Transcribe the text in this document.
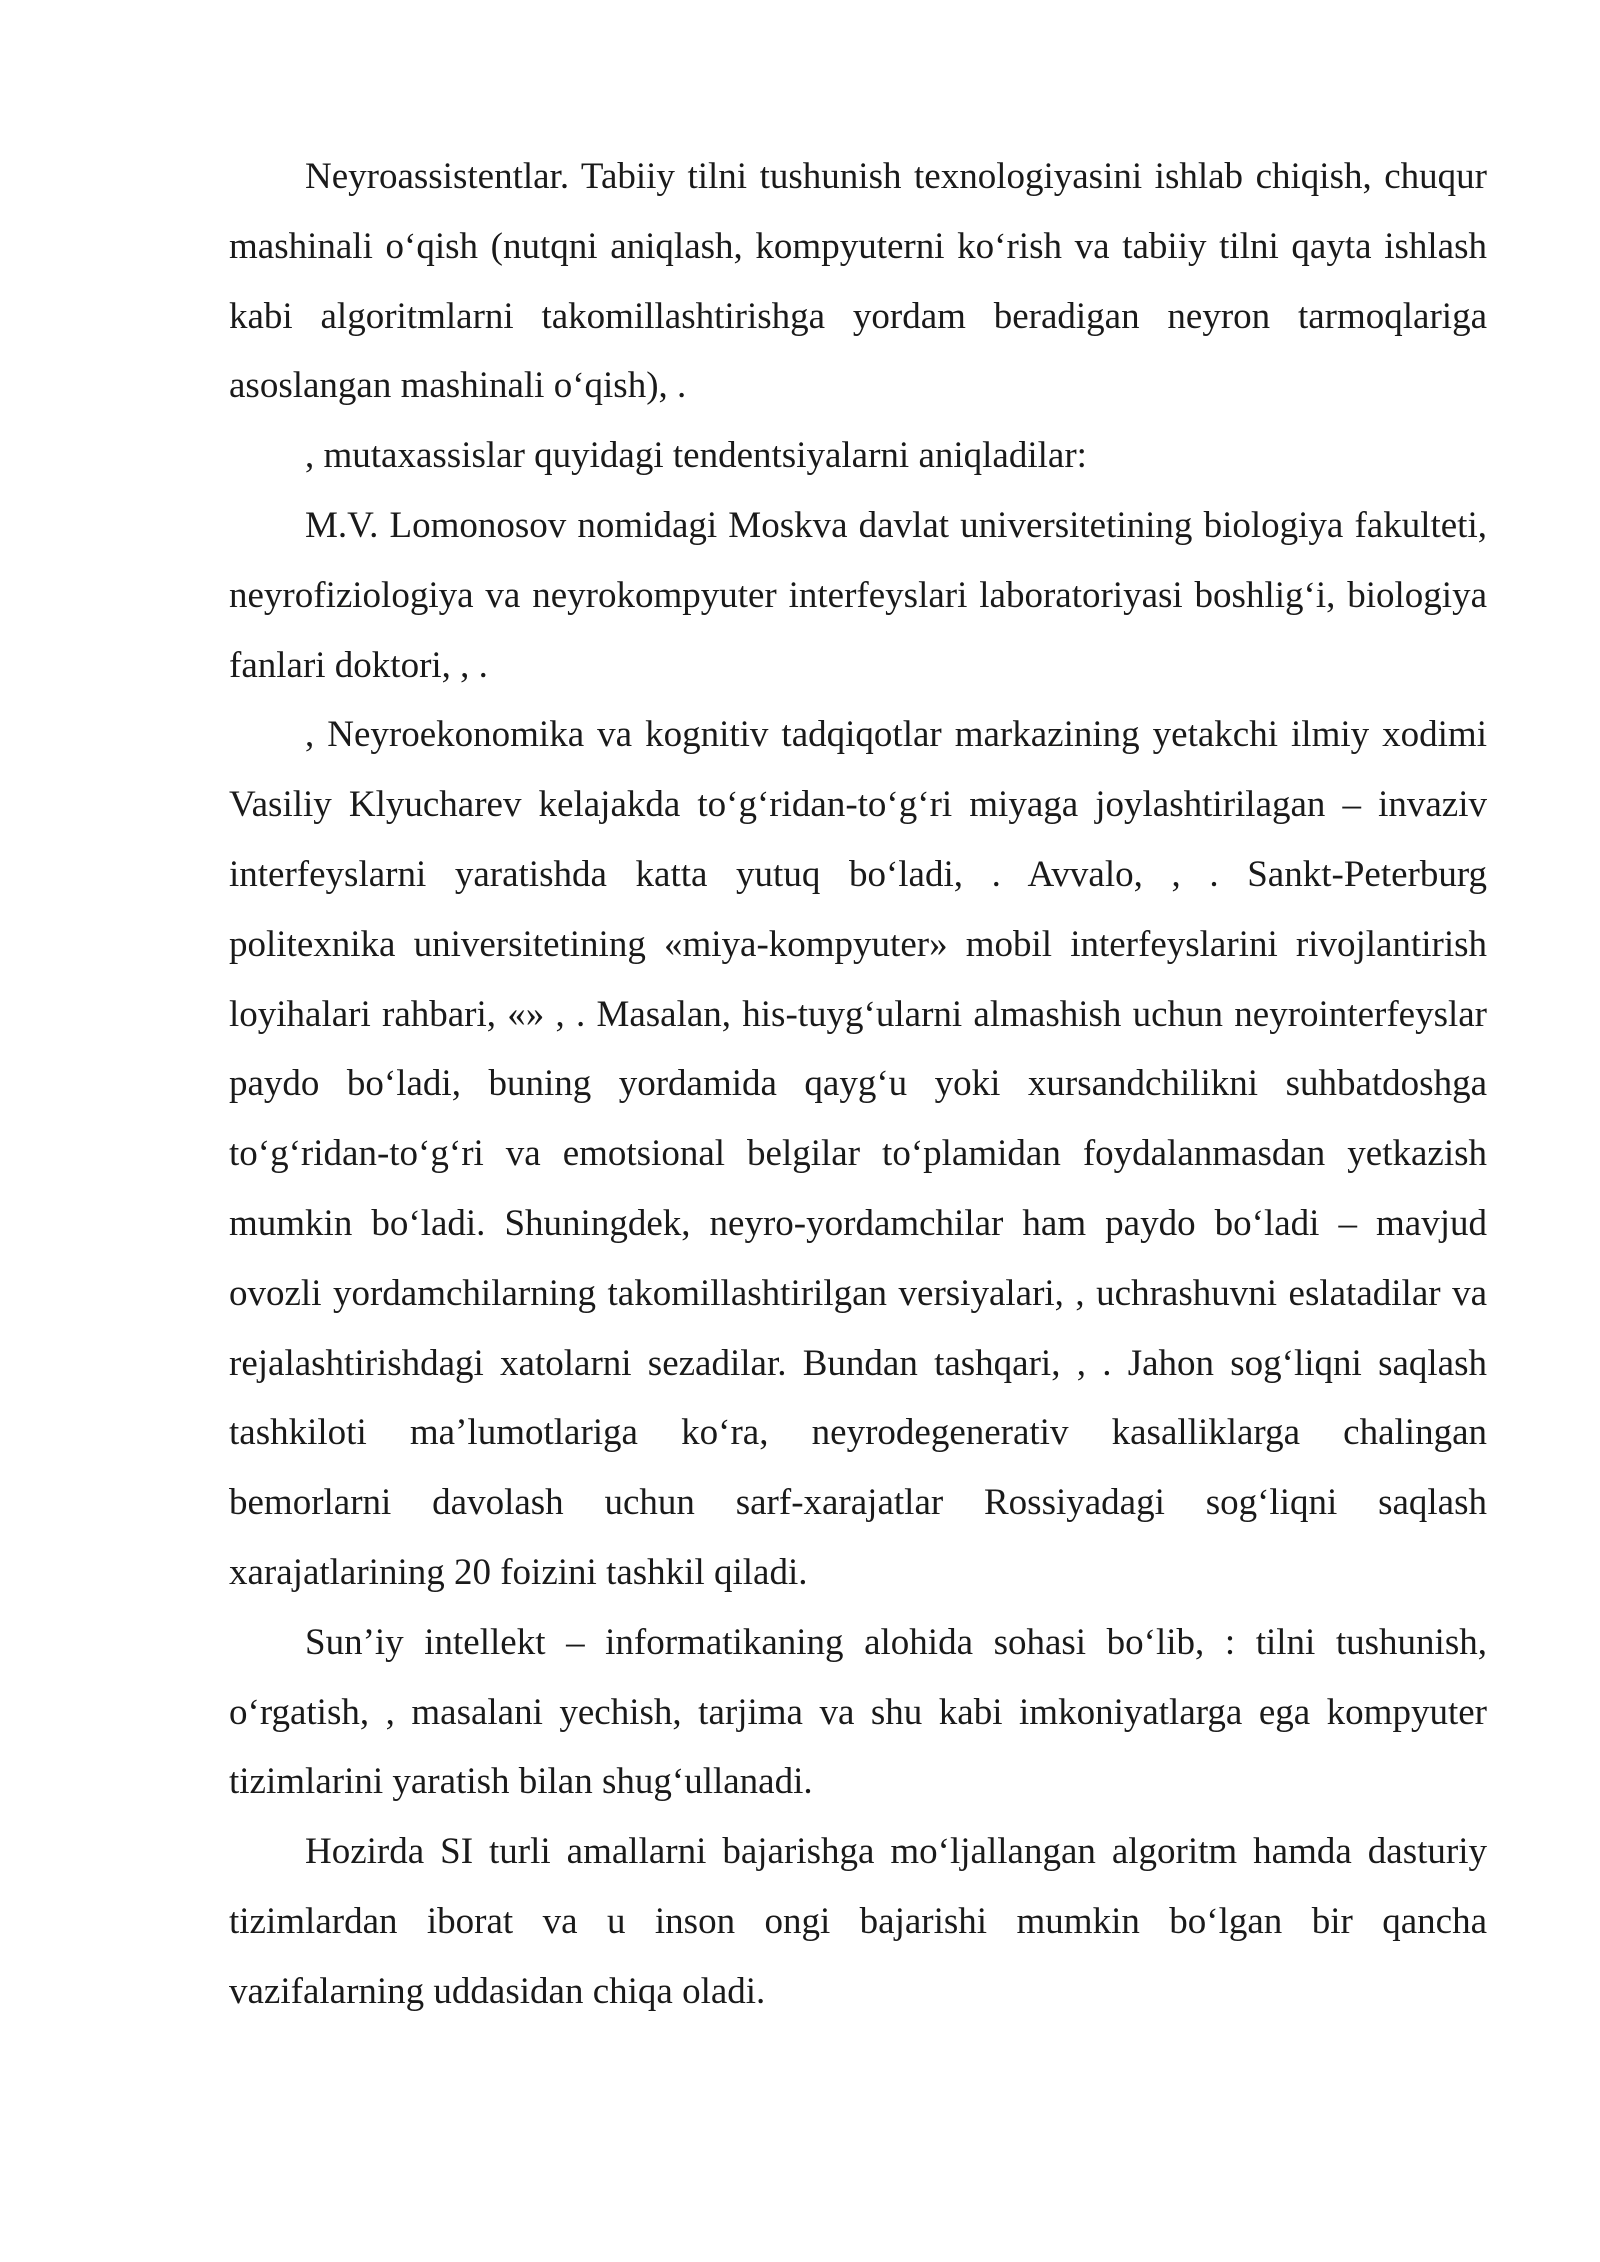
Neyroassistentlar. Tabiiy tilni tushunish texnologiyasini ishlab chiqish, chuqur mashinali o‘qish (nutqni aniqlash, kompyuterni ko‘rish va tabiiy tilni qayta ishlash kabi algoritmlarni takomillashtirishga yordam beradigan neyron tarmoqlariga asoslangan mashinali o‘qish), .

, mutaxassislar quyidagi tendentsiyalarni aniqladilar:

M.V. Lomonosov nomidagi Moskva davlat universitetining biologiya fakulteti, neyrofiziologiya va neyrokompyuter interfeyslari laboratoriyasi boshlig‘i, biologiya fanlari doktori, , .

, Neyroekonomika va kognitiv tadqiqotlar markazining yetakchi ilmiy xodimi Vasiliy Klyucharev kelajakda to‘g‘ridan-to‘g‘ri miyaga joylashtirilagan – invaziv interfeyslarni yaratishda katta yutuq bo‘ladi, . Avvalo, , . Sankt-Peterburg politexnika universitetining «miya-kompyuter» mobil interfeyslarini rivojlantirish loyihalari rahbari, «» , . Masalan, his-tuyg‘ularni almashish uchun neyrointerfeyslar paydo bo‘ladi, buning yordamida qayg‘u yoki xursandchilikni suhbatdoshga to‘g‘ridan-to‘g‘ri va emotsional belgilar to‘plamidan foydalanmasdan yetkazish mumkin bo‘ladi. Shuningdek, neyro-yordamchilar ham paydo bo‘ladi – mavjud ovozli yordamchilarning takomillashtirilgan versiyalari, , uchrashuvni eslatadilar va rejalashtirishdagi xatolarni sezadilar. Bundan tashqari, , . Jahon sog‘liqni saqlash tashkiloti ma’lumotlariga ko‘ra, neyrodegenerativ kasalliklarga chalingan bemorlarni davolash uchun sarf-xarajatlar Rossiyadagi sog‘liqni saqlash xarajatlarining 20 foizini tashkil qiladi.

Sun’iy intellekt – informatikaning alohida sohasi bo‘lib, : tilni tushunish, o‘rgatish, , masalani yechish, tarjima va shu kabi imkoniyatlarga ega kompyuter tizimlarini yaratish bilan shug‘ullanadi.

Hozirda SI turli amallarni bajarishga mo‘ljallangan algoritm hamda dasturiy tizimlardan iborat va u inson ongi bajarishi mumkin bo‘lgan bir qancha vazifalarning uddasidan chiqa oladi.
